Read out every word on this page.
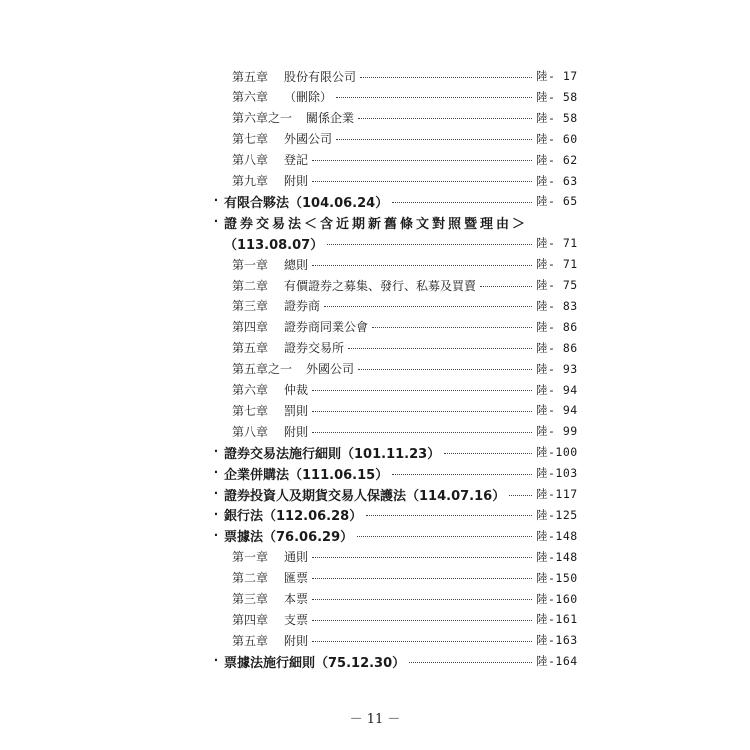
第五章	股份有限公司	陸- 17
第六章	（刪除）	陸- 58
第六章之一	關係企業	陸- 58
第七章	外國公司	陸- 60
第八章	登記	陸- 62
第九章	附則	陸- 63
‧ 有限合夥法（104.06.24）	陸- 65
‧ 證券交易法＜含近期新舊條文對照暨理由＞
（113.08.07）	陸- 71
第一章	總則	陸- 71
第二章	有價證券之募集、發行、私募及買賣	陸- 75
第三章	證券商	陸- 83
第四章	證券商同業公會	陸- 86
第五章	證券交易所	陸- 86
第五章之一	外國公司	陸- 93
第六章	仲裁	陸- 94
第七章	罰則	陸- 94
第八章	附則	陸- 99
‧ 證券交易法施行細則（101.11.23）	陸-100
‧ 企業併購法（111.06.15）	陸-103
‧ 證券投資人及期貨交易人保護法（114.07.16）	陸-117
‧ 銀行法（112.06.28）	陸-125
‧ 票據法（76.06.29）	陸-148
第一章	通則	陸-148
第二章	匯票	陸-150
第三章	本票	陸-160
第四章	支票	陸-161
第五章	附則	陸-163
‧ 票據法施行細則（75.12.30）	陸-164
－ 11 －
